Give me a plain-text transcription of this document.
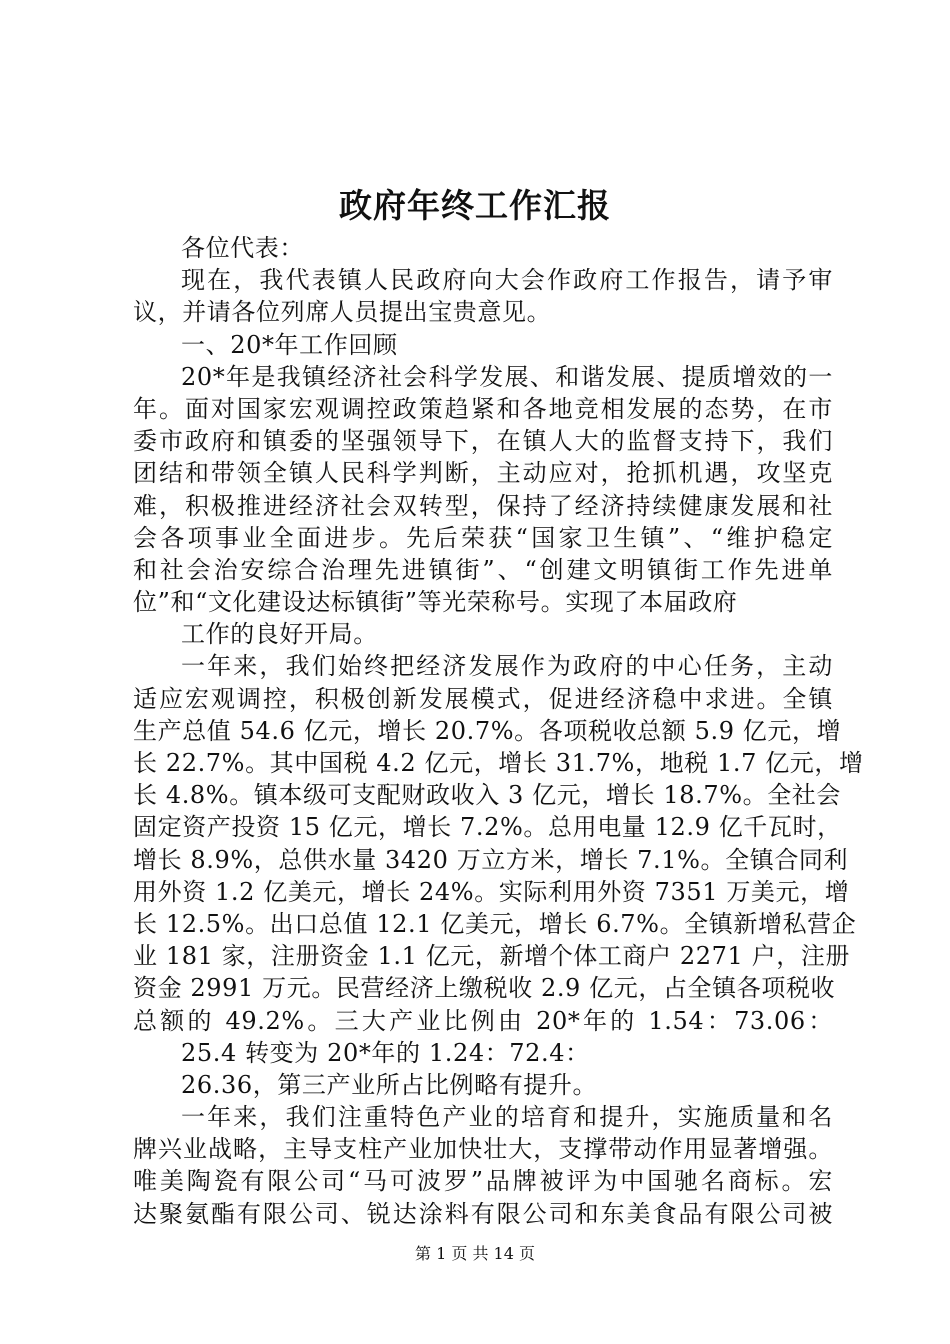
政府年终工作汇报
各位代表：
现在，我代表镇人民政府向大会作政府工作报告，请予审
议，并请各位列席人员提出宝贵意见。
一、20*年工作回顾
20*年是我镇经济社会科学发展、和谐发展、提质增效的一
年。面对国家宏观调控政策趋紧和各地竞相发展的态势，在市
委市政府和镇委的坚强领导下，在镇人大的监督支持下，我们
团结和带领全镇人民科学判断，主动应对，抢抓机遇，攻坚克
难，积极推进经济社会双转型，保持了经济持续健康发展和社
会各项事业全面进步。先后荣获“国家卫生镇”、“维护稳定
和社会治安综合治理先进镇街”、“创建文明镇街工作先进单
位”和“文化建设达标镇街”等光荣称号。实现了本届政府
工作的良好开局。
一年来，我们始终把经济发展作为政府的中心任务，主动
适应宏观调控，积极创新发展模式，促进经济稳中求进。全镇
生产总值 54.6 亿元，增长 20.7%。各项税收总额 5.9 亿元，增
长 22.7%。其中国税 4.2 亿元，增长 31.7%，地税 1.7 亿元，增
长 4.8%。镇本级可支配财政收入 3 亿元，增长 18.7%。全社会
固定资产投资 15 亿元，增长 7.2%。总用电量 12.9 亿千瓦时，
增长 8.9%，总供水量 3420 万立方米，增长 7.1%。全镇合同利
用外资 1.2 亿美元，增长 24%。实际利用外资 7351 万美元，增
长 12.5%。出口总值 12.1 亿美元，增长 6.7%。全镇新增私营企
业 181 家，注册资金 1.1 亿元，新增个体工商户 2271 户，注册
资金 2991 万元。民营经济上缴税收 2.9 亿元，占全镇各项税收
总额的 49.2%。三大产业比例由 20*年的 1.54：73.06：
25.4 转变为 20*年的 1.24：72.4：
26.36，第三产业所占比例略有提升。
一年来，我们注重特色产业的培育和提升，实施质量和名
牌兴业战略，主导支柱产业加快壮大，支撑带动作用显著增强。
唯美陶瓷有限公司“马可波罗”品牌被评为中国驰名商标。宏
达聚氨酯有限公司、锐达涂料有限公司和东美食品有限公司被
第 1 页 共 14 页
